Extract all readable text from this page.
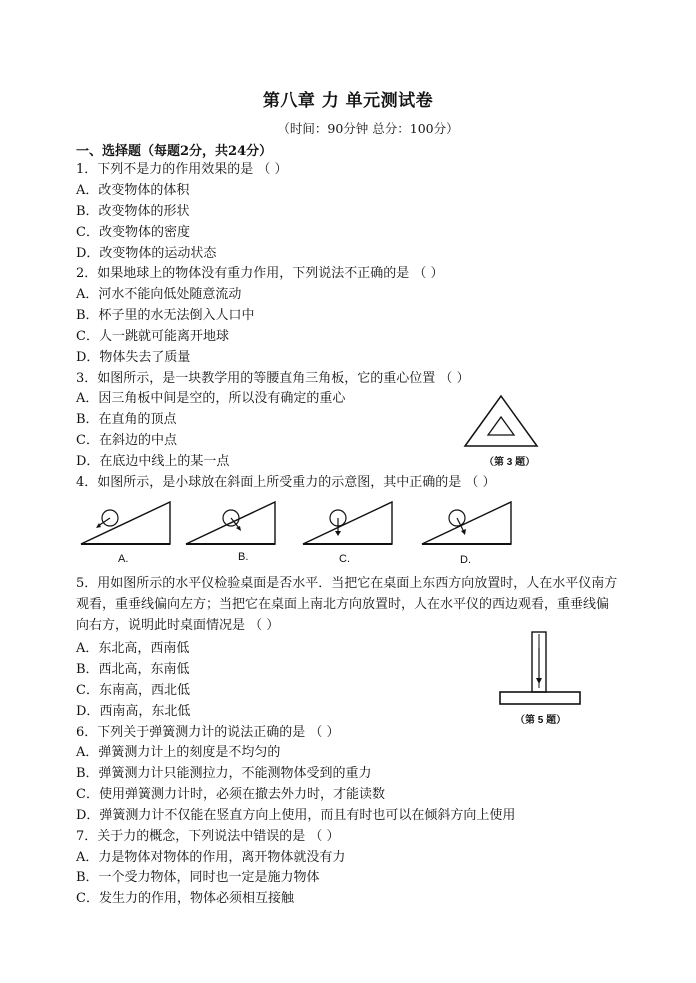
第八章 力 单元测试卷
（时间：90分钟 总分：100分）
一、选择题（每题2分，共24分）
1．下列不是力的作用效果的是 （ ）
A．改变物体的体积
B．改变物体的形状
C．改变物体的密度
D．改变物体的运动状态
2．如果地球上的物体没有重力作用，下列说法不正确的是 （ ）
A．河水不能向低处随意流动
B．杯子里的水无法倒入人口中
C．人一跳就可能离开地球
D．物体失去了质量
3．如图所示，是一块教学用的等腰直角三角板，它的重心位置 （ ）
A．因三角板中间是空的，所以没有确定的重心
B．在直角的顶点
C．在斜边的中点
D．在底边中线上的某一点	（第 3 题）
4．如图所示，是小球放在斜面上所受重力的示意图，其中正确的是 （ ）
A.	B.	C.	D.
5．用如图所示的水平仪检验桌面是否水平．当把它在桌面上东西方向放置时，人在水平仪南方观看，重垂线偏向左方；当把它在桌面上南北方向放置时，人在水平仪的西边观看，重垂线偏向右方，说明此时桌面情况是 （ ）
A．东北高，西南低
B．西北高，东南低
C．东南高，西北低
D．西南高，东北低
（第 5 题）
6．下列关于弹簧测力计的说法正确的是 （ ）
A．弹簧测力计上的刻度是不均匀的
B．弹簧测力计只能测拉力，不能测物体受到的重力
C．使用弹簧测力计时，必须在撤去外力时，才能读数
D．弹簧测力计不仅能在竖直方向上使用，而且有时也可以在倾斜方向上使用
7．关于力的概念，下列说法中错误的是 （ ）
A．力是物体对物体的作用，离开物体就没有力
B．一个受力物体，同时也一定是施力物体
C．发生力的作用，物体必须相互接触
